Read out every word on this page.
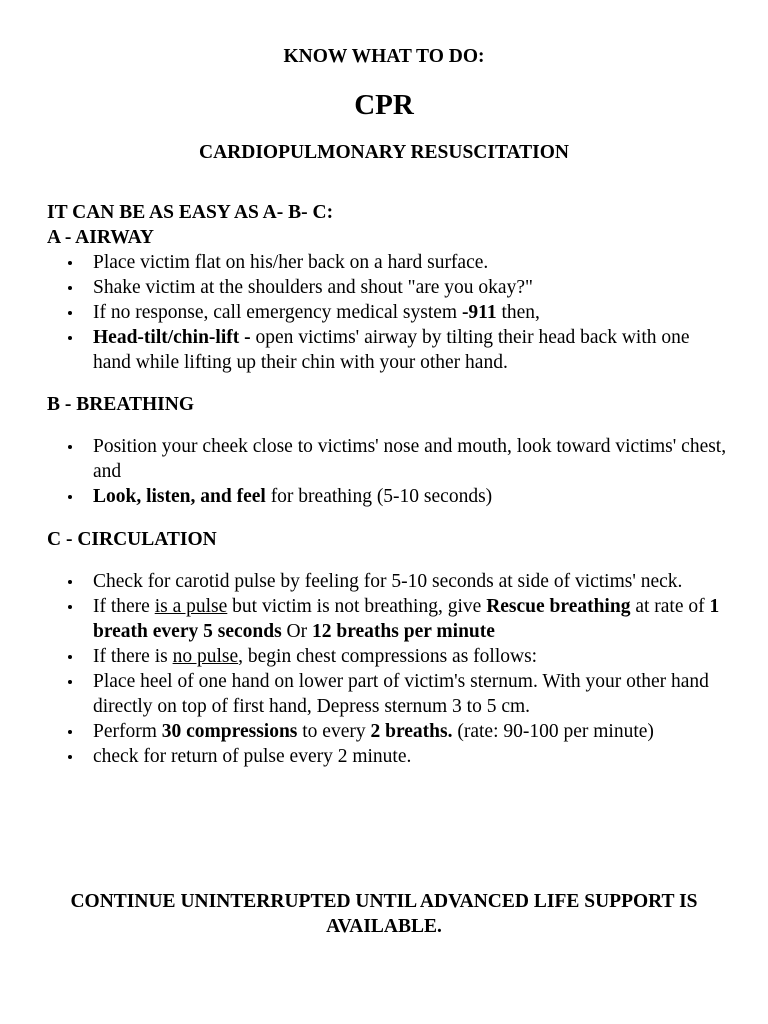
KNOW WHAT TO DO:
CPR
CARDIOPULMONARY RESUSCITATION
IT CAN BE AS EASY AS A- B- C:
A - AIRWAY
Place victim flat on his/her back on a hard surface.
Shake victim at the shoulders and shout "are you okay?"
If no response, call emergency medical system -911 then,
Head-tilt/chin-lift - open victims' airway by tilting their head back with one hand while lifting up their chin with your other hand.
B - BREATHING
Position your cheek close to victims' nose and mouth, look toward victims' chest, and
Look, listen, and feel for breathing (5-10 seconds)
C - CIRCULATION
Check for carotid pulse by feeling for 5-10 seconds at side of victims' neck.
If there is a pulse but victim is not breathing, give Rescue breathing at rate of 1 breath every 5 seconds Or 12 breaths per minute
If there is no pulse, begin chest compressions as follows:
Place heel of one hand on lower part of victim's sternum. With your other hand directly on top of first hand, Depress sternum 3 to 5 cm.
Perform 30 compressions to every 2 breaths. (rate: 90-100 per minute)
check for return of pulse every 2 minute.
CONTINUE UNINTERRUPTED UNTIL ADVANCED LIFE SUPPORT IS AVAILABLE.
